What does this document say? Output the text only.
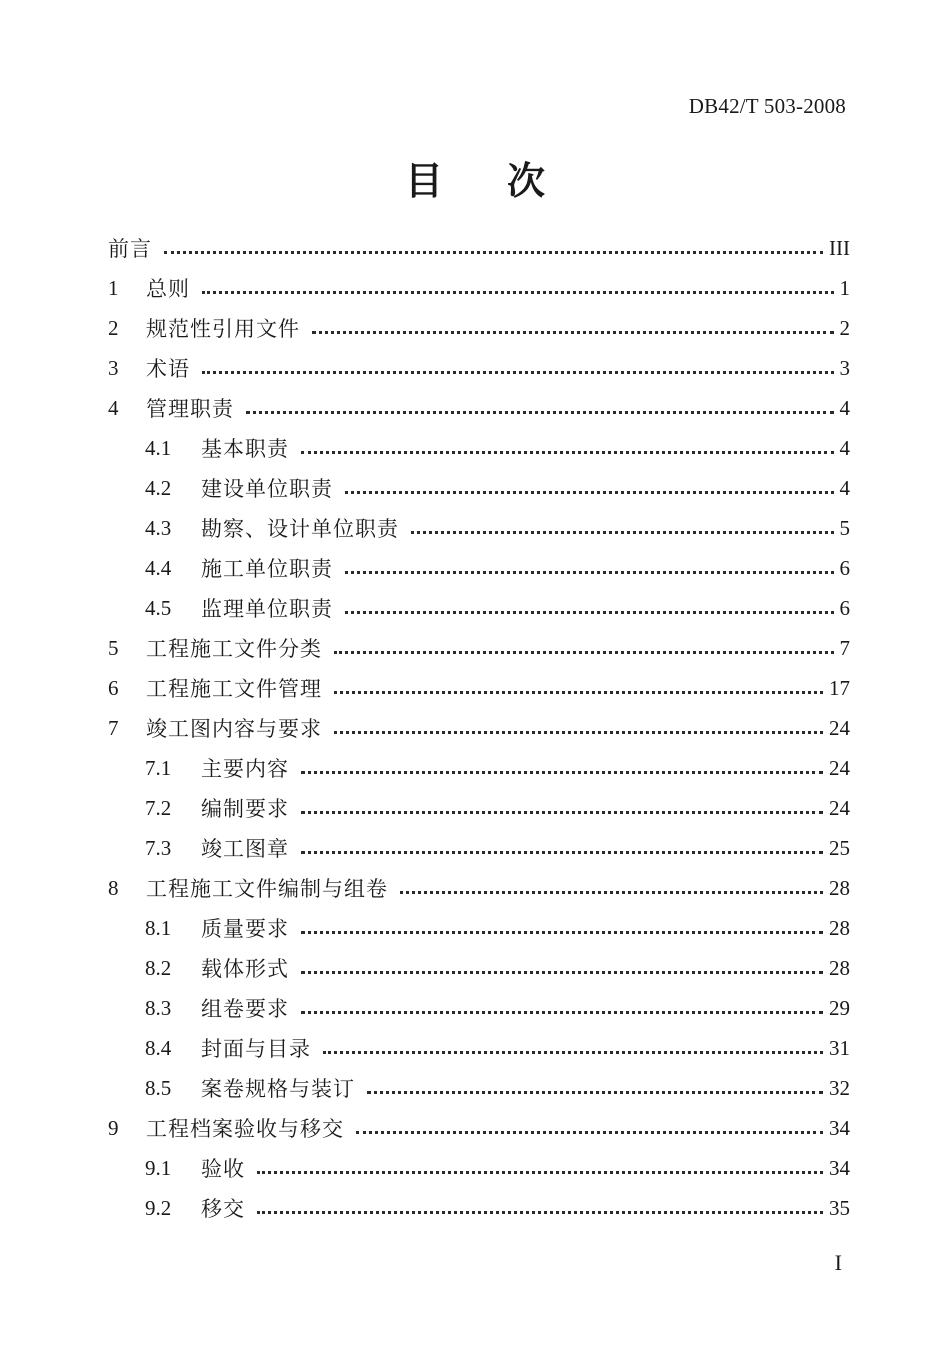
DB42/T 503-2008
目次
前言	III
1	总则	1
2	规范性引用文件	2
3	术语	3
4	管理职责	4
4.1	基本职责	4
4.2	建设单位职责	4
4.3	勘察、设计单位职责	5
4.4	施工单位职责	6
4.5	监理单位职责	6
5	工程施工文件分类	7
6	工程施工文件管理	17
7	竣工图内容与要求	24
7.1	主要内容	24
7.2	编制要求	24
7.3	竣工图章	25
8	工程施工文件编制与组卷	28
8.1	质量要求	28
8.2	载体形式	28
8.3	组卷要求	29
8.4	封面与目录	31
8.5	案卷规格与装订	32
9	工程档案验收与移交	34
9.1	验收	34
9.2	移交	35
I
